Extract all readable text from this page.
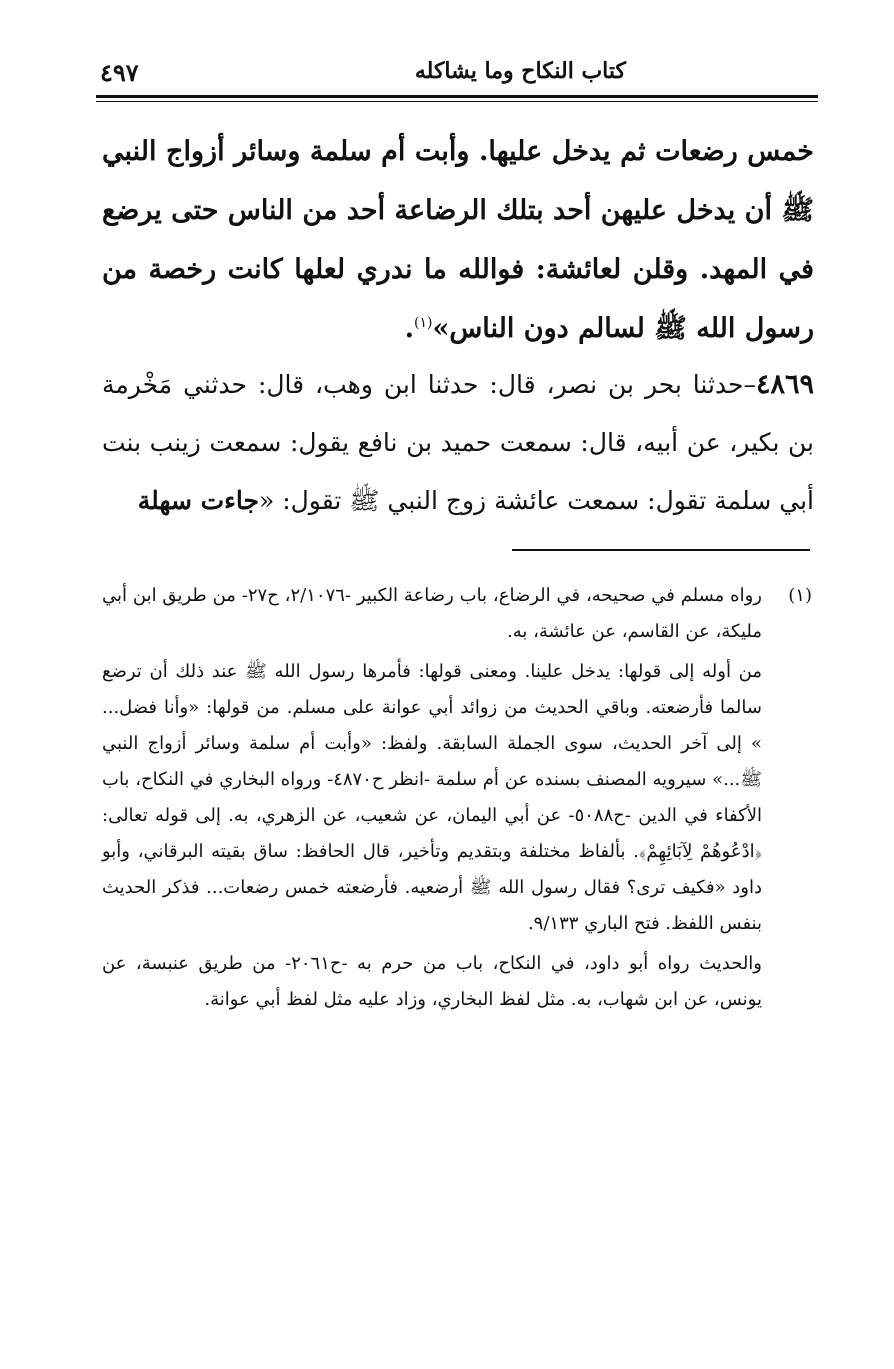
٤٩٧	كتاب النكاح وما يشاكله

خمس رضعات ثم يدخل عليها. وأبت أم سلمة وسائر أزواج النبي ﷺ أن يدخل عليهن أحد بتلك الرضاعة أحد من الناس حتى يرضع في المهد. وقلن لعائشة: فوالله ما ندري لعلها كانت رخصة من رسول الله ﷺ لسالم دون الناس»$^{(١)}$.

٤٨٦٩–حدثنا بحر بن نصر، قال: حدثنا ابن وهب، قال: حدثني مَخْرمة بن بكير، عن أبيه، قال: سمعت حميد بن نافع يقول: سمعت زينب بنت أبي سلمة تقول: سمعت عائشة زوج النبي ﷺ تقول: «جاءت سهلة

(١)
رواه مسلم في صحيحه، في الرضاع، باب رضاعة الكبير -٢/١٠٧٦، ح٢٧- من طريق ابن أبي مليكة، عن القاسم، عن عائشة، به.

من أوله إلى قولها: يدخل علينا. ومعنى قولها: فأمرها رسول الله ﷺ عند ذلك أن ترضع سالما فأرضعته. وباقي الحديث من زوائد أبي عوانة على مسلم. من قولها: «وأنا فضل... » إلى آخر الحديث، سوى الجملة السابقة. ولفظ: «وأبت أم سلمة وسائر أزواج النبي ﷺ...» سيرويه المصنف بسنده عن أم سلمة -انظر ح٤٨٧٠- ورواه البخاري في النكاح، باب الأكفاء في الدين -ح٥٠٨٨- عن أبي اليمان، عن شعيب، عن الزهري، به. إلى قوله تعالى: ﴿ادْعُوهُمْ لِآبَائِهِمْ﴾. بألفاظ مختلفة وبتقديم وتأخير، قال الحافظ: ساق بقيته البرقاني، وأبو داود «فكيف ترى؟ فقال رسول الله ﷺ أرضعيه. فأرضعته خمس رضعات... فذكر الحديث بنفس اللفظ. فتح الباري ٩/١٣٣.

والحديث رواه أبو داود، في النكاح، باب من حرم به -ح٢٠٦١- من طريق عنبسة، عن يونس، عن ابن شهاب، به. مثل لفظ البخاري، وزاد عليه مثل لفظ أبي عوانة.
